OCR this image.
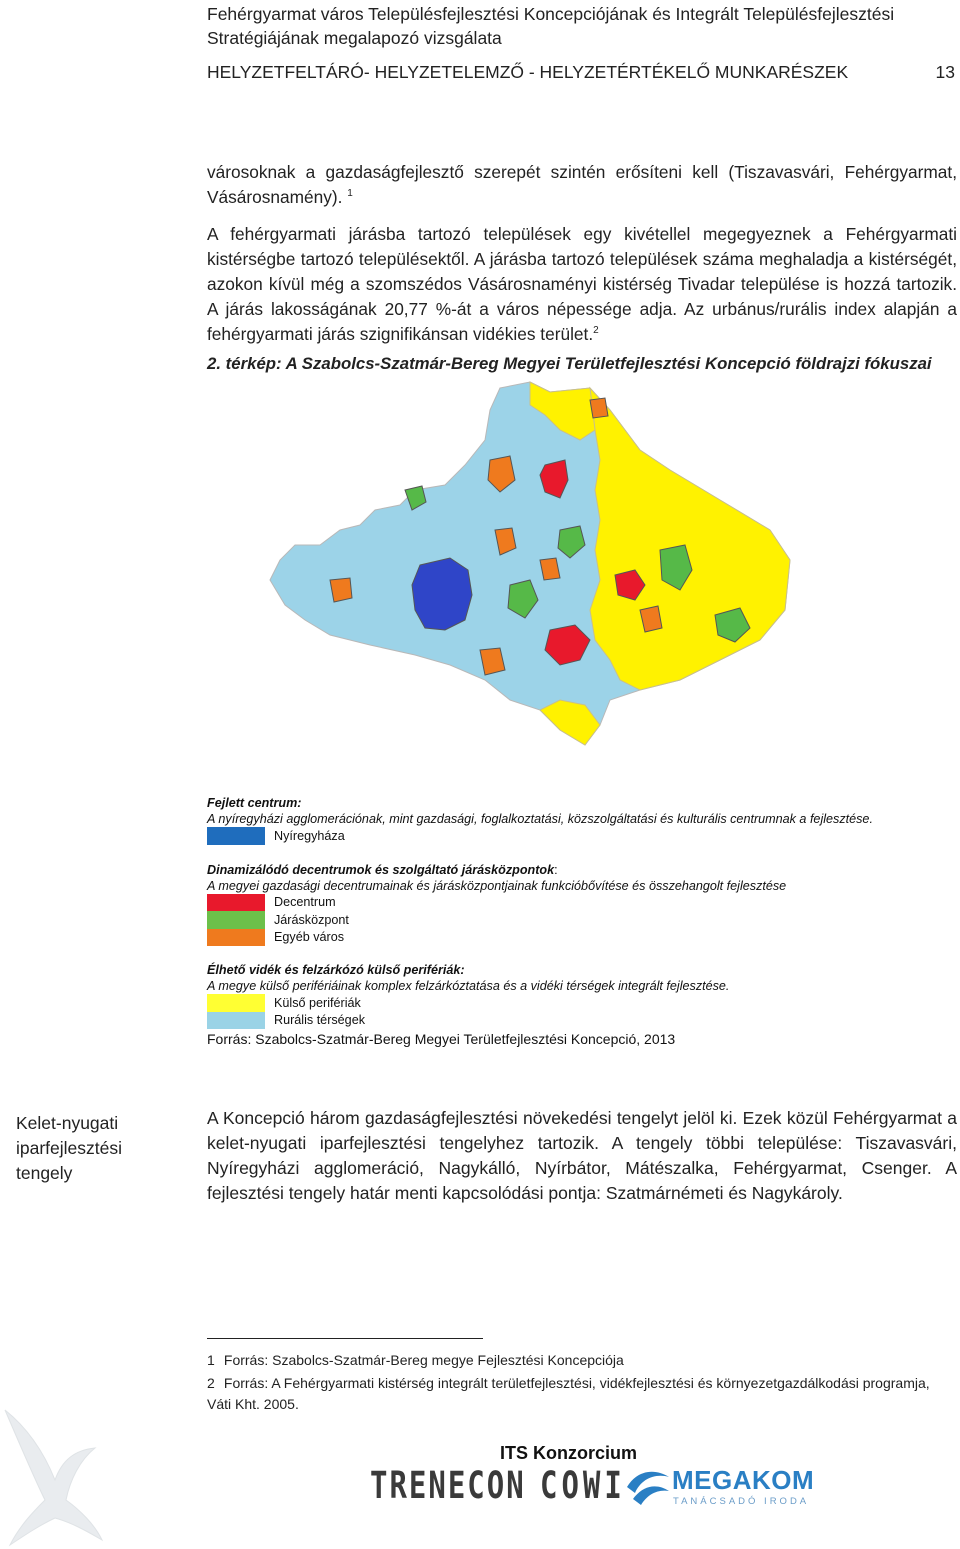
Fehérgyarmat város Településfejlesztési Koncepciójának és Integrált Településfejlesztési
Stratégiájának megalapozó vizsgálata
HELYZETFELTÁRÓ- HELYZETELEMZŐ - HELYZETÉRTÉKELŐ MUNKARÉSZEK	13

városoknak a gazdaságfejlesztő szerepét szintén erősíteni kell (Tiszavasvári, Fehérgyarmat, Vásárosnamény). $^1$

A fehérgyarmati járásba tartozó települések egy kivétellel megegyeznek a Fehérgyarmati kistérségbe tartozó településektől. A járásba tartozó települések száma meghaladja a kistérségét, azokon kívül még a szomszédos Vásárosnaményi kistérség Tivadar települése is hozzá tartozik. A járás lakosságának 20,77 %-át a város népessége adja. Az urbánus/rurális index alapján a fehérgyarmati járás szignifikánsan vidékies terület.$^2$

2. térkép: A Szabolcs-Szatmár-Bereg Megyei Területfejlesztési Koncepció földrajzi fókuszai
Fejlett centrum:
A nyíregyházi agglomerációnak, mint gazdasági, foglalkoztatási, közszolgáltatási és kulturális centrumnak a fejlesztése.
Nyíregyháza
Dinamizálódó decentrumok és szolgáltató járásközpontok:
A megyei gazdasági decentrumainak és járásközpontjainak funkcióbővítése és összehangolt fejlesztése
Decentrum
Járásközpont
Egyéb város
Élhető vidék és felzárkózó külső perifériák:
A megye külső perifériáinak komplex felzárkóztatása és a vidéki térségek integrált fejlesztése.
Külső perifériák
Rurális térségek
Forrás: Szabolcs-Szatmár-Bereg Megyei Területfejlesztési Koncepció, 2013
Kelet-nyugati iparfejlesztési tengely
A Koncepció három gazdaságfejlesztési növekedési tengelyt jelöl ki. Ezek közül Fehérgyarmat a kelet-nyugati iparfejlesztési tengelyhez tartozik. A tengely többi települése: Tiszavasvári, Nyíregyházi agglomeráció, Nagykálló, Nyírbátor, Mátészalka, Fehérgyarmat, Csenger. A fejlesztési tengely határ menti kapcsolódási pontja: Szatmárnémeti és Nagykároly.
1 Forrás: Szabolcs-Szatmár-Bereg megye Fejlesztési Koncepciója
2 Forrás: A Fehérgyarmati kistérség integrált területfejlesztési, vidékfejlesztési és környezetgazdálkodási programja, Váti Kht. 2005.
ITS Konzorcium
TRENECON COWI MEGAKOM
TANÁCSADÓ IRODA
